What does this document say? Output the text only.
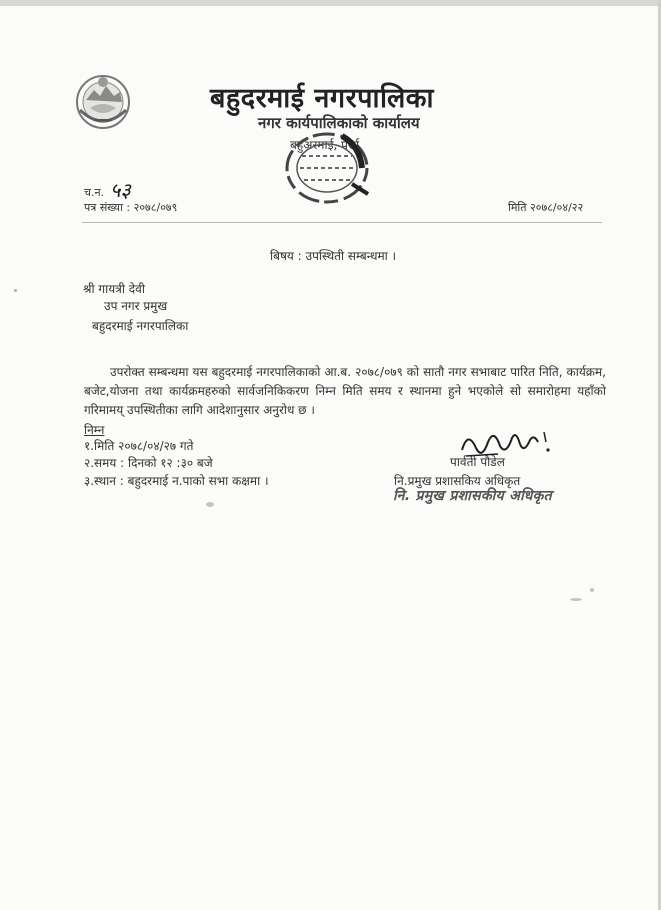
बहुदरमाई नगरपालिका
नगर कार्यपालिकाको कार्यालय
बहुअरमाई, पर्सा
च.न. ५३
पत्र संख्या : २०७८/०७९	मिति २०७८/०४/२२
बिषय : उपस्थिती सम्बन्धमा ।
श्री गायत्री देवी
उप नगर प्रमुख
बहुदरमाई नगरपालिका
उपरोक्त सम्बन्धमा यस बहुदरमाई नगरपालिकाको आ.ब. २०७८/०७९ को सातौ नगर सभाबाट पारित निति, कार्यक्रम, बजेट,योजना तथा कार्यक्रमहरुको सार्वजनिकिकरण निम्न मिति समय र स्थानमा हुने भएकोले सो समारोहमा यहाँको गरिमामय् उपस्थितीका लागि आदेशानुसार अनुरोध छ ।
निम्न
१.मिति २०७८/०४/२७ गते
२.समय : दिनको १२ :३० बजे
३.स्थान : बहुदरमाई न.पाको सभा कक्षमा ।
पार्वती पौडेल
नि.प्रमुख प्रशासकिय अधिकृत
नि. प्रमुख प्रशासकीय अधिकृत
